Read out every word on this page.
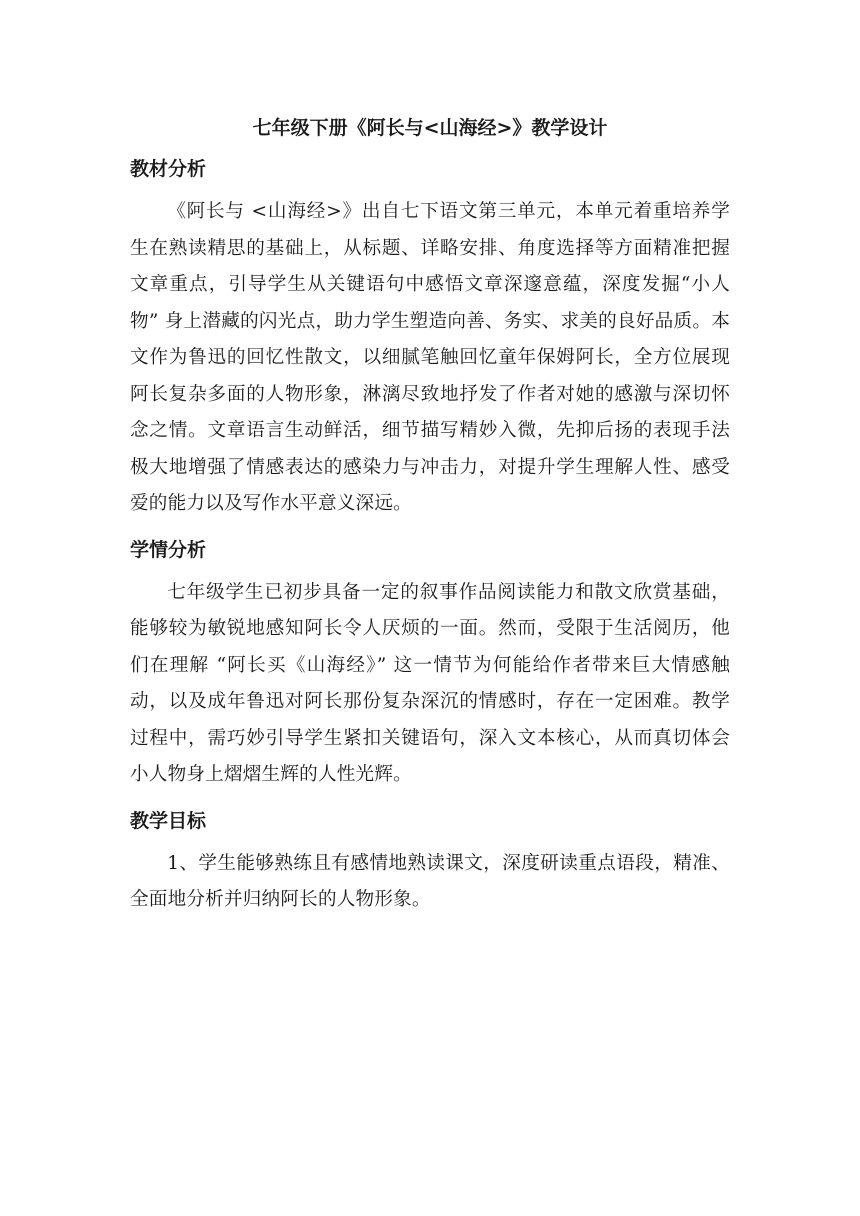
七年级下册《阿长与<山海经>》教学设计
教材分析

《阿长与 <山海经>》出自七下语文第三单元，本单元着重培养学生在熟读精思的基础上，从标题、详略安排、角度选择等方面精准把握文章重点，引导学生从关键语句中感悟文章深邃意蕴，深度发掘“小人物” 身上潜藏的闪光点，助力学生塑造向善、务实、求美的良好品质。本文作为鲁迅的回忆性散文，以细腻笔触回忆童年保姆阿长，全方位展现阿长复杂多面的人物形象，淋漓尽致地抒发了作者对她的感激与深切怀念之情。文章语言生动鲜活，细节描写精妙入微，先抑后扬的表现手法极大地增强了情感表达的感染力与冲击力，对提升学生理解人性、感受爱的能力以及写作水平意义深远。

学情分析

七年级学生已初步具备一定的叙事作品阅读能力和散文欣赏基础，能够较为敏锐地感知阿长令人厌烦的一面。然而，受限于生活阅历，他们在理解 “阿长买《山海经》” 这一情节为何能给作者带来巨大情感触动，以及成年鲁迅对阿长那份复杂深沉的情感时，存在一定困难。教学过程中，需巧妙引导学生紧扣关键语句，深入文本核心，从而真切体会小人物身上熠熠生辉的人性光辉。

教学目标

1、学生能够熟练且有感情地熟读课文，深度研读重点语段，精准、全面地分析并归纳阿长的人物形象。
